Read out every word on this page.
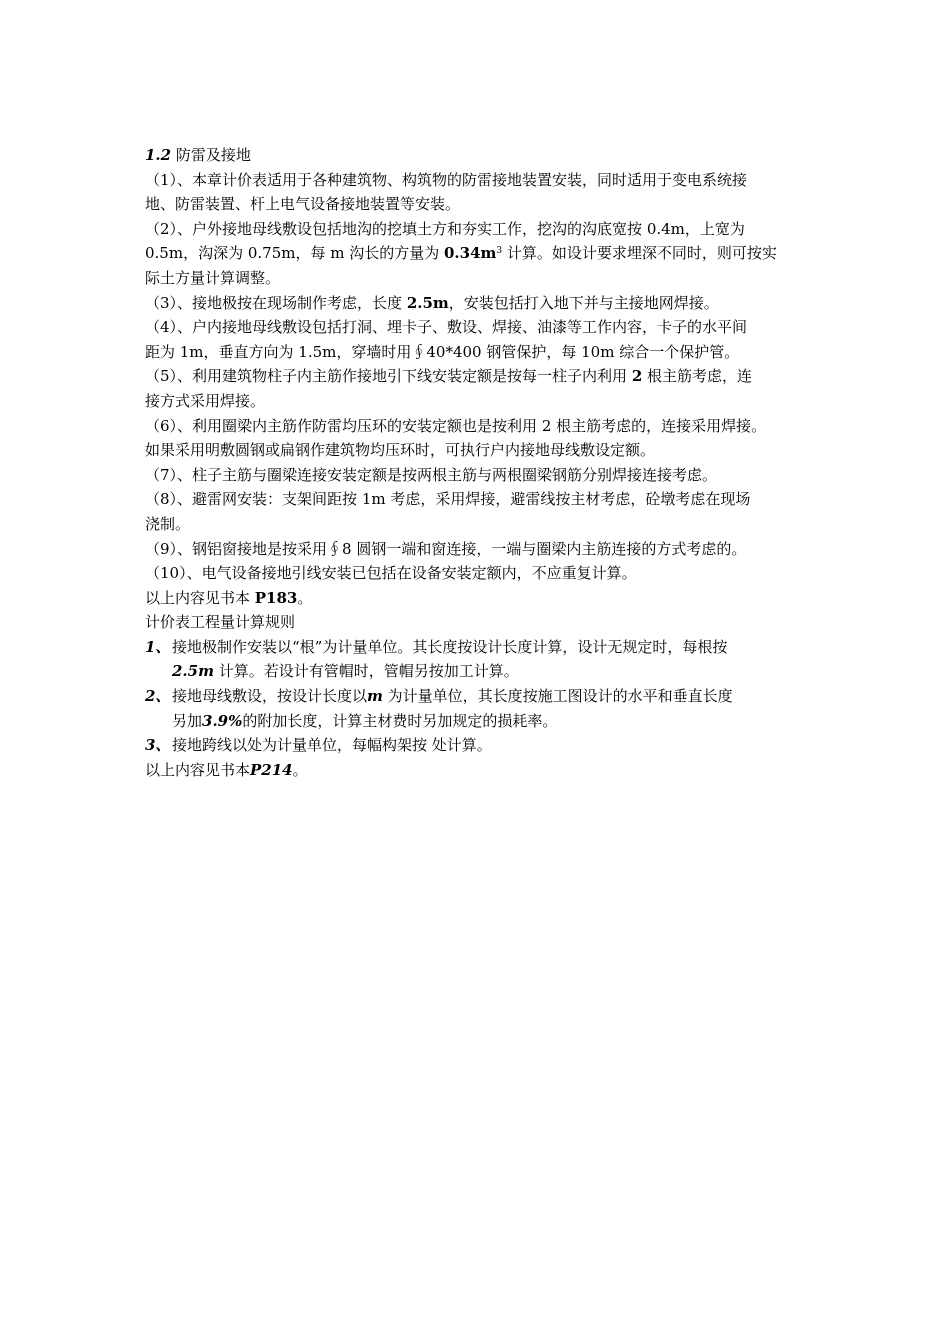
1.2 防雷及接地
（1）、本章计价表适用于各种建筑物、构筑物的防雷接地装置安装，同时适用于变电系统接
地、防雷装置、杆上电气设备接地装置等安装。
（2）、户外接地母线敷设包括地沟的挖填土方和夯实工作，挖沟的沟底宽按 0.4m，上宽为
0.5m，沟深为 0.75m，每 m 沟长的方量为 $0.34m^3$ 计算。如设计要求埋深不同时，则可按实
际土方量计算调整。
（3）、接地极按在现场制作考虑，长度 2.5m，安装包括打入地下并与主接地网焊接。
（4）、户内接地母线敷设包括打洞、埋卡子、敷设、焊接、油漆等工作内容，卡子的水平间
距为 1m，垂直方向为 1.5m，穿墙时用∮40*400 钢管保护，每 10m 综合一个保护管。
（5）、利用建筑物柱子内主筋作接地引下线安装定额是按每一柱子内利用 2 根主筋考虑，连
接方式采用焊接。
（6）、利用圈梁内主筋作防雷均压环的安装定额也是按利用 2 根主筋考虑的，连接采用焊接。
如果采用明敷圆钢或扁钢作建筑物均压环时，可执行户内接地母线敷设定额。
（7）、柱子主筋与圈梁连接安装定额是按两根主筋与两根圈梁钢筋分别焊接连接考虑。
（8）、避雷网安装：支架间距按 1m 考虑，采用焊接，避雷线按主材考虑，砼墩考虑在现场
浇制。
（9）、钢铝窗接地是按采用∮8 圆钢一端和窗连接，一端与圈梁内主筋连接的方式考虑的。
（10）、电气设备接地引线安装已包括在设备安装定额内，不应重复计算。
以上内容见书本 P183。
计价表工程量计算规则
1、 接地极制作安装以“根”为计量单位。其长度按设计长度计算，设计无规定时，每根按
2.5m 计算。若设计有管帽时，管帽另按加工计算。
2、 接地母线敷设，按设计长度以m 为计量单位，其长度按施工图设计的水平和垂直长度
另加3.9%的附加长度，计算主材费时另加规定的损耗率。
3、 接地跨线以处为计量单位，每幅构架按 处计算。
以上内容见书本P214。
